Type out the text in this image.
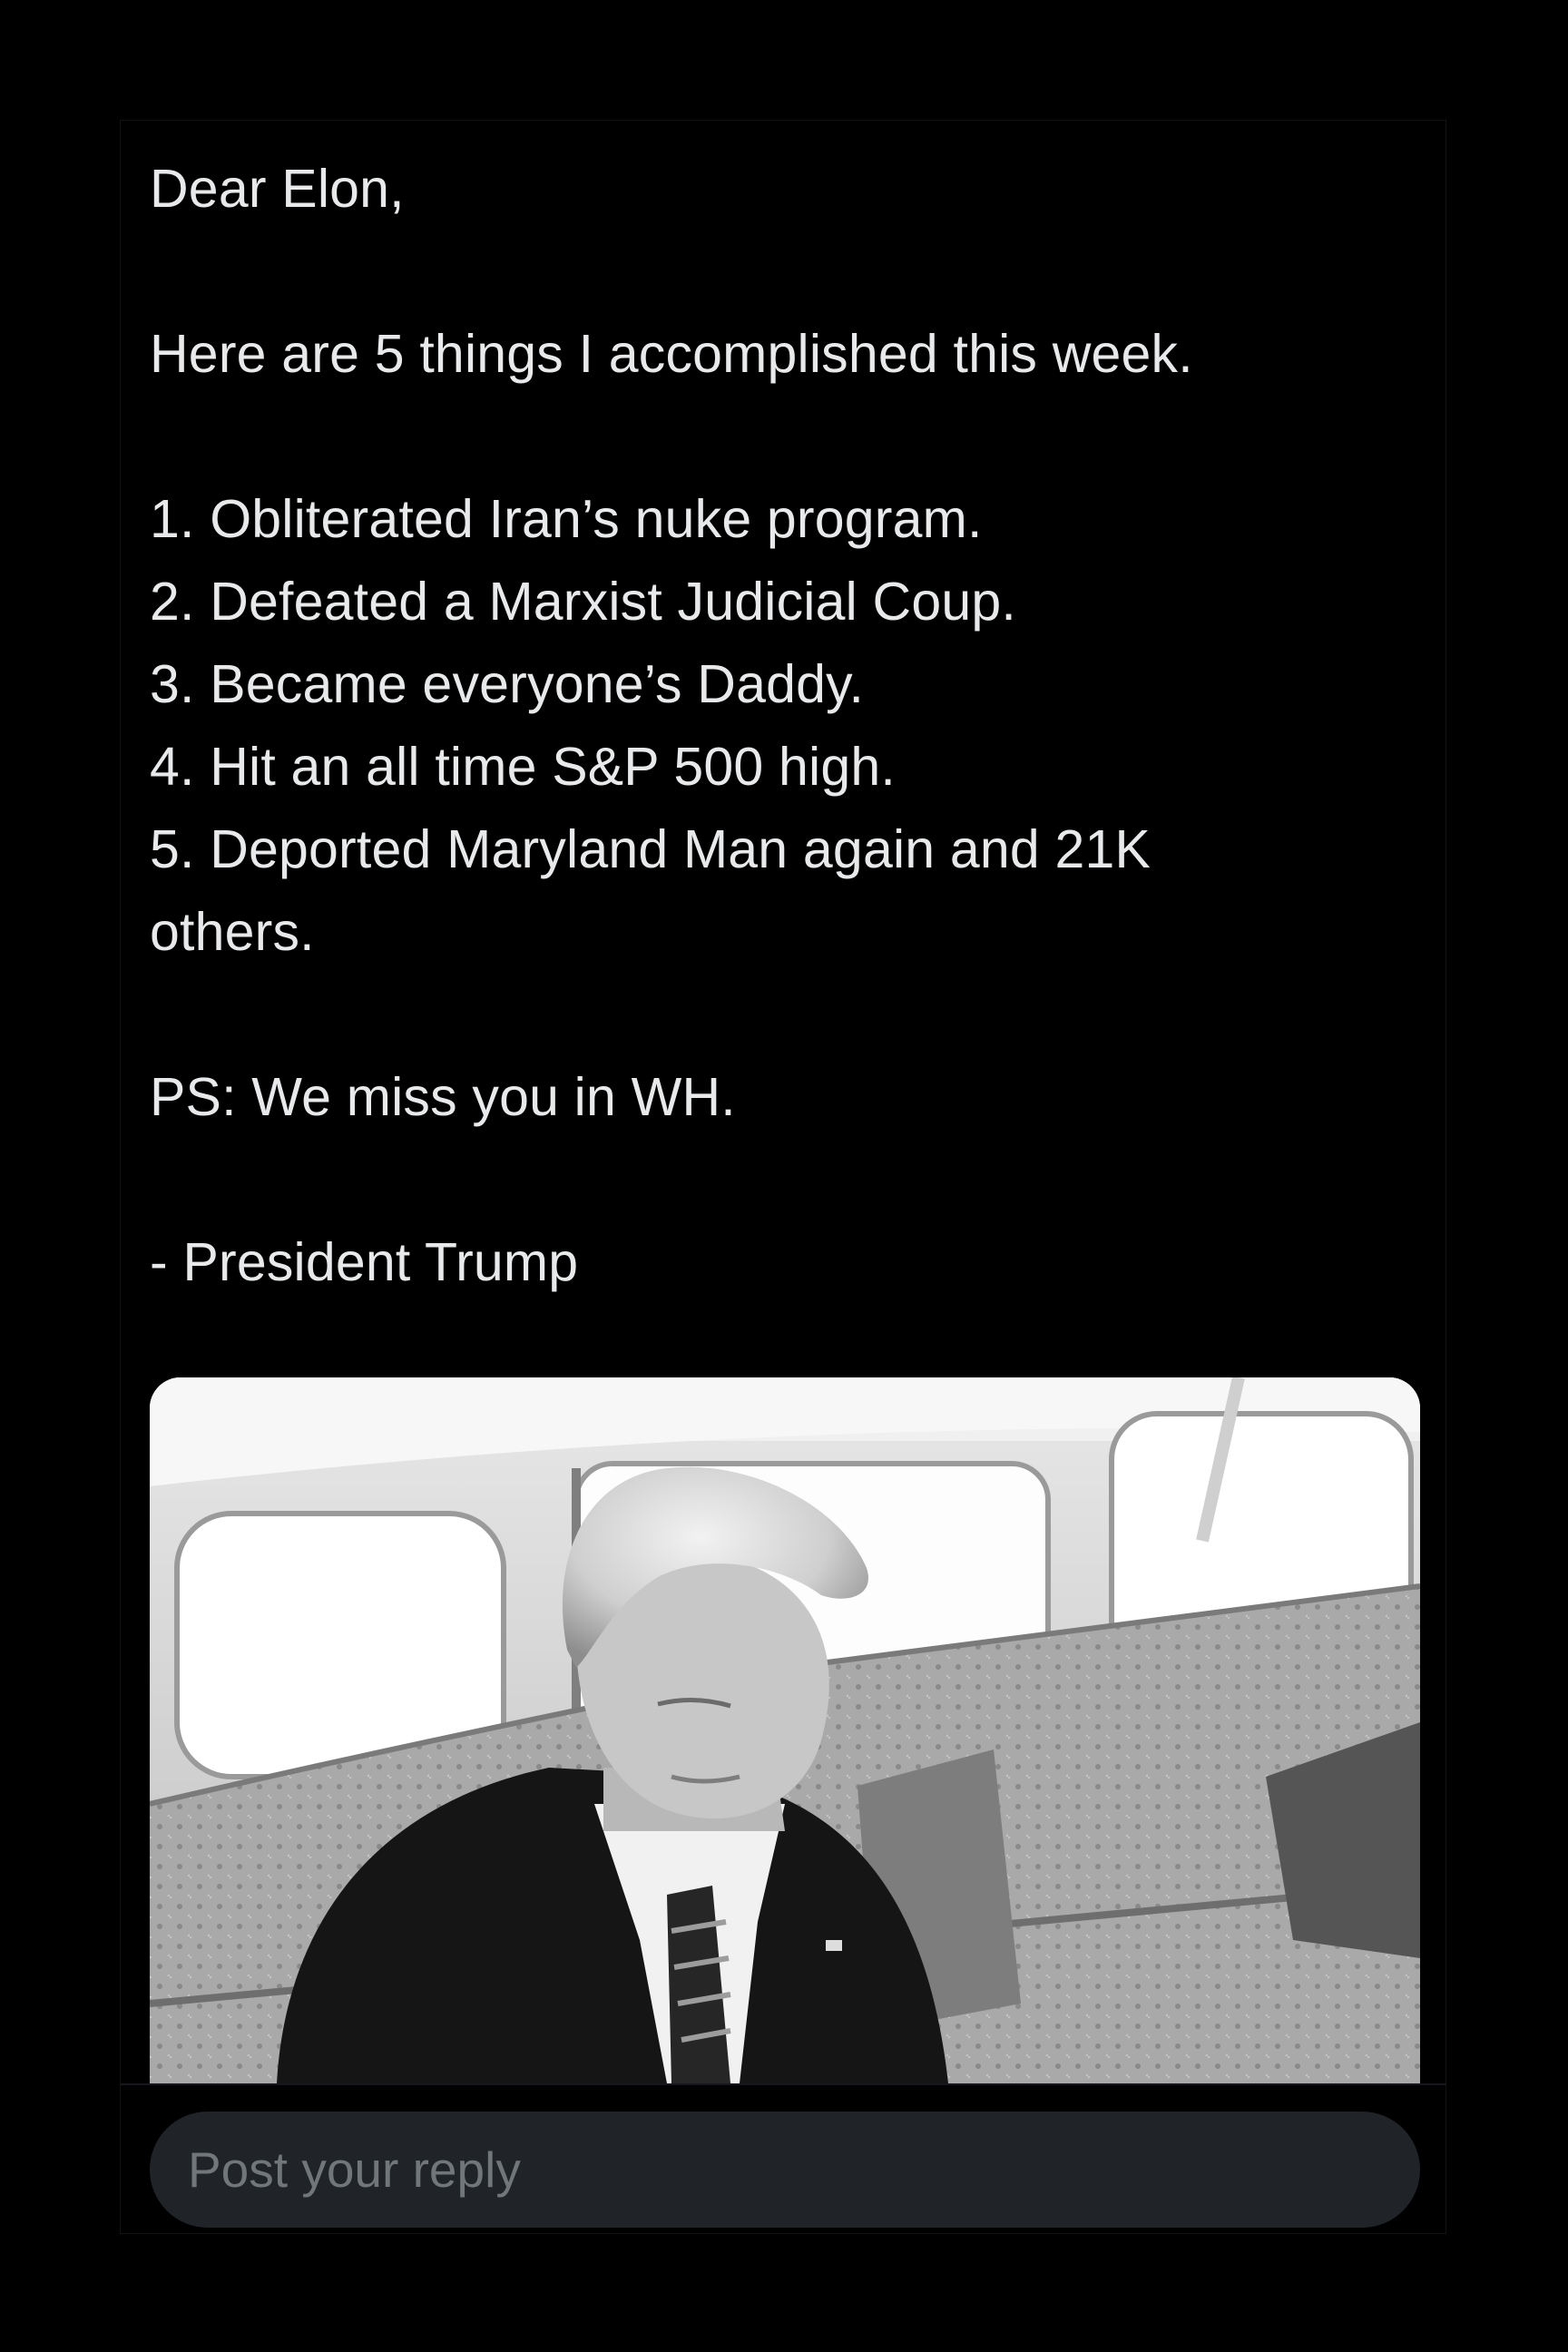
Dear Elon,
Here are 5 things I accomplished this week.
1. Obliterated Iran’s nuke program.
2. Defeated a Marxist Judicial Coup.
3. Became everyone’s Daddy.
4. Hit an all time S&P 500 high.
5. Deported Maryland Man again and 21K
others.
PS: We miss you in WH.
- President Trump
Post your reply
